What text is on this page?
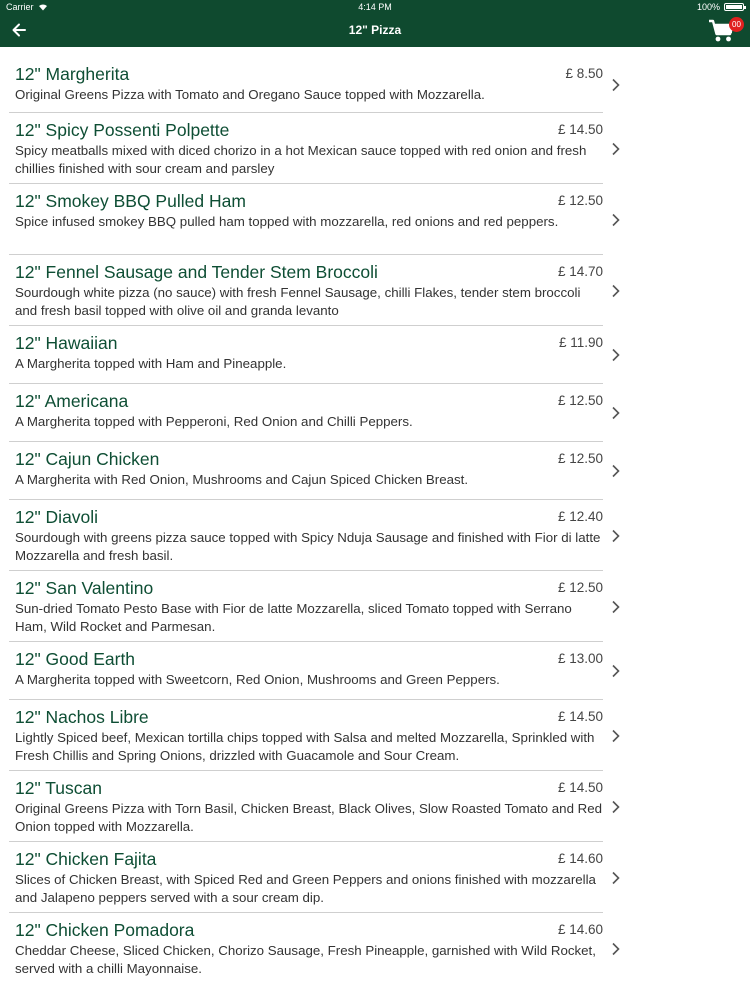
Carrier	4:14 PM	100%
12" Pizza	00
12" Margherita
Original Greens Pizza with Tomato and Oregano Sauce topped with Mozzarella.
£ 8.50
12" Spicy Possenti Polpette
Spicy meatballs mixed with diced chorizo in a hot Mexican sauce topped with red onion and fresh chillies finished with sour cream and parsley
£ 14.50
12" Smokey BBQ Pulled Ham
Spice infused smokey BBQ pulled ham topped with mozzarella, red onions and red peppers.
£ 12.50
12" Fennel Sausage and Tender Stem Broccoli
Sourdough white pizza (no sauce) with fresh Fennel Sausage, chilli Flakes, tender stem broccoli and fresh basil topped with olive oil and granda levanto
£ 14.70
12" Hawaiian
A Margherita topped with Ham and Pineapple.
£ 11.90
12" Americana
A Margherita topped with Pepperoni, Red Onion and Chilli Peppers.
£ 12.50
12" Cajun Chicken
A Margherita with Red Onion, Mushrooms and Cajun Spiced Chicken Breast.
£ 12.50
12" Diavoli
Sourdough with greens pizza sauce topped with Spicy Nduja Sausage and finished with Fior di latte Mozzarella and fresh basil.
£ 12.40
12" San Valentino
Sun-dried Tomato Pesto Base with Fior de latte Mozzarella, sliced Tomato topped with Serrano Ham, Wild Rocket and Parmesan.
£ 12.50
12" Good Earth
A Margherita topped with Sweetcorn, Red Onion, Mushrooms and Green Peppers.
£ 13.00
12" Nachos Libre
Lightly Spiced beef, Mexican tortilla chips topped with Salsa and melted Mozzarella, Sprinkled with Fresh Chillis and Spring Onions, drizzled with Guacamole and Sour Cream.
£ 14.50
12" Tuscan
Original Greens Pizza with Torn Basil, Chicken Breast, Black Olives, Slow Roasted Tomato and Red Onion topped with Mozzarella.
£ 14.50
12" Chicken Fajita
Slices of Chicken Breast, with Spiced Red and Green Peppers and onions finished with mozzarella and Jalapeno peppers served with a sour cream dip.
£ 14.60
12" Chicken Pomadora
Cheddar Cheese, Sliced Chicken, Chorizo Sausage, Fresh Pineapple, garnished with Wild Rocket, served with a chilli Mayonnaise.
£ 14.60
